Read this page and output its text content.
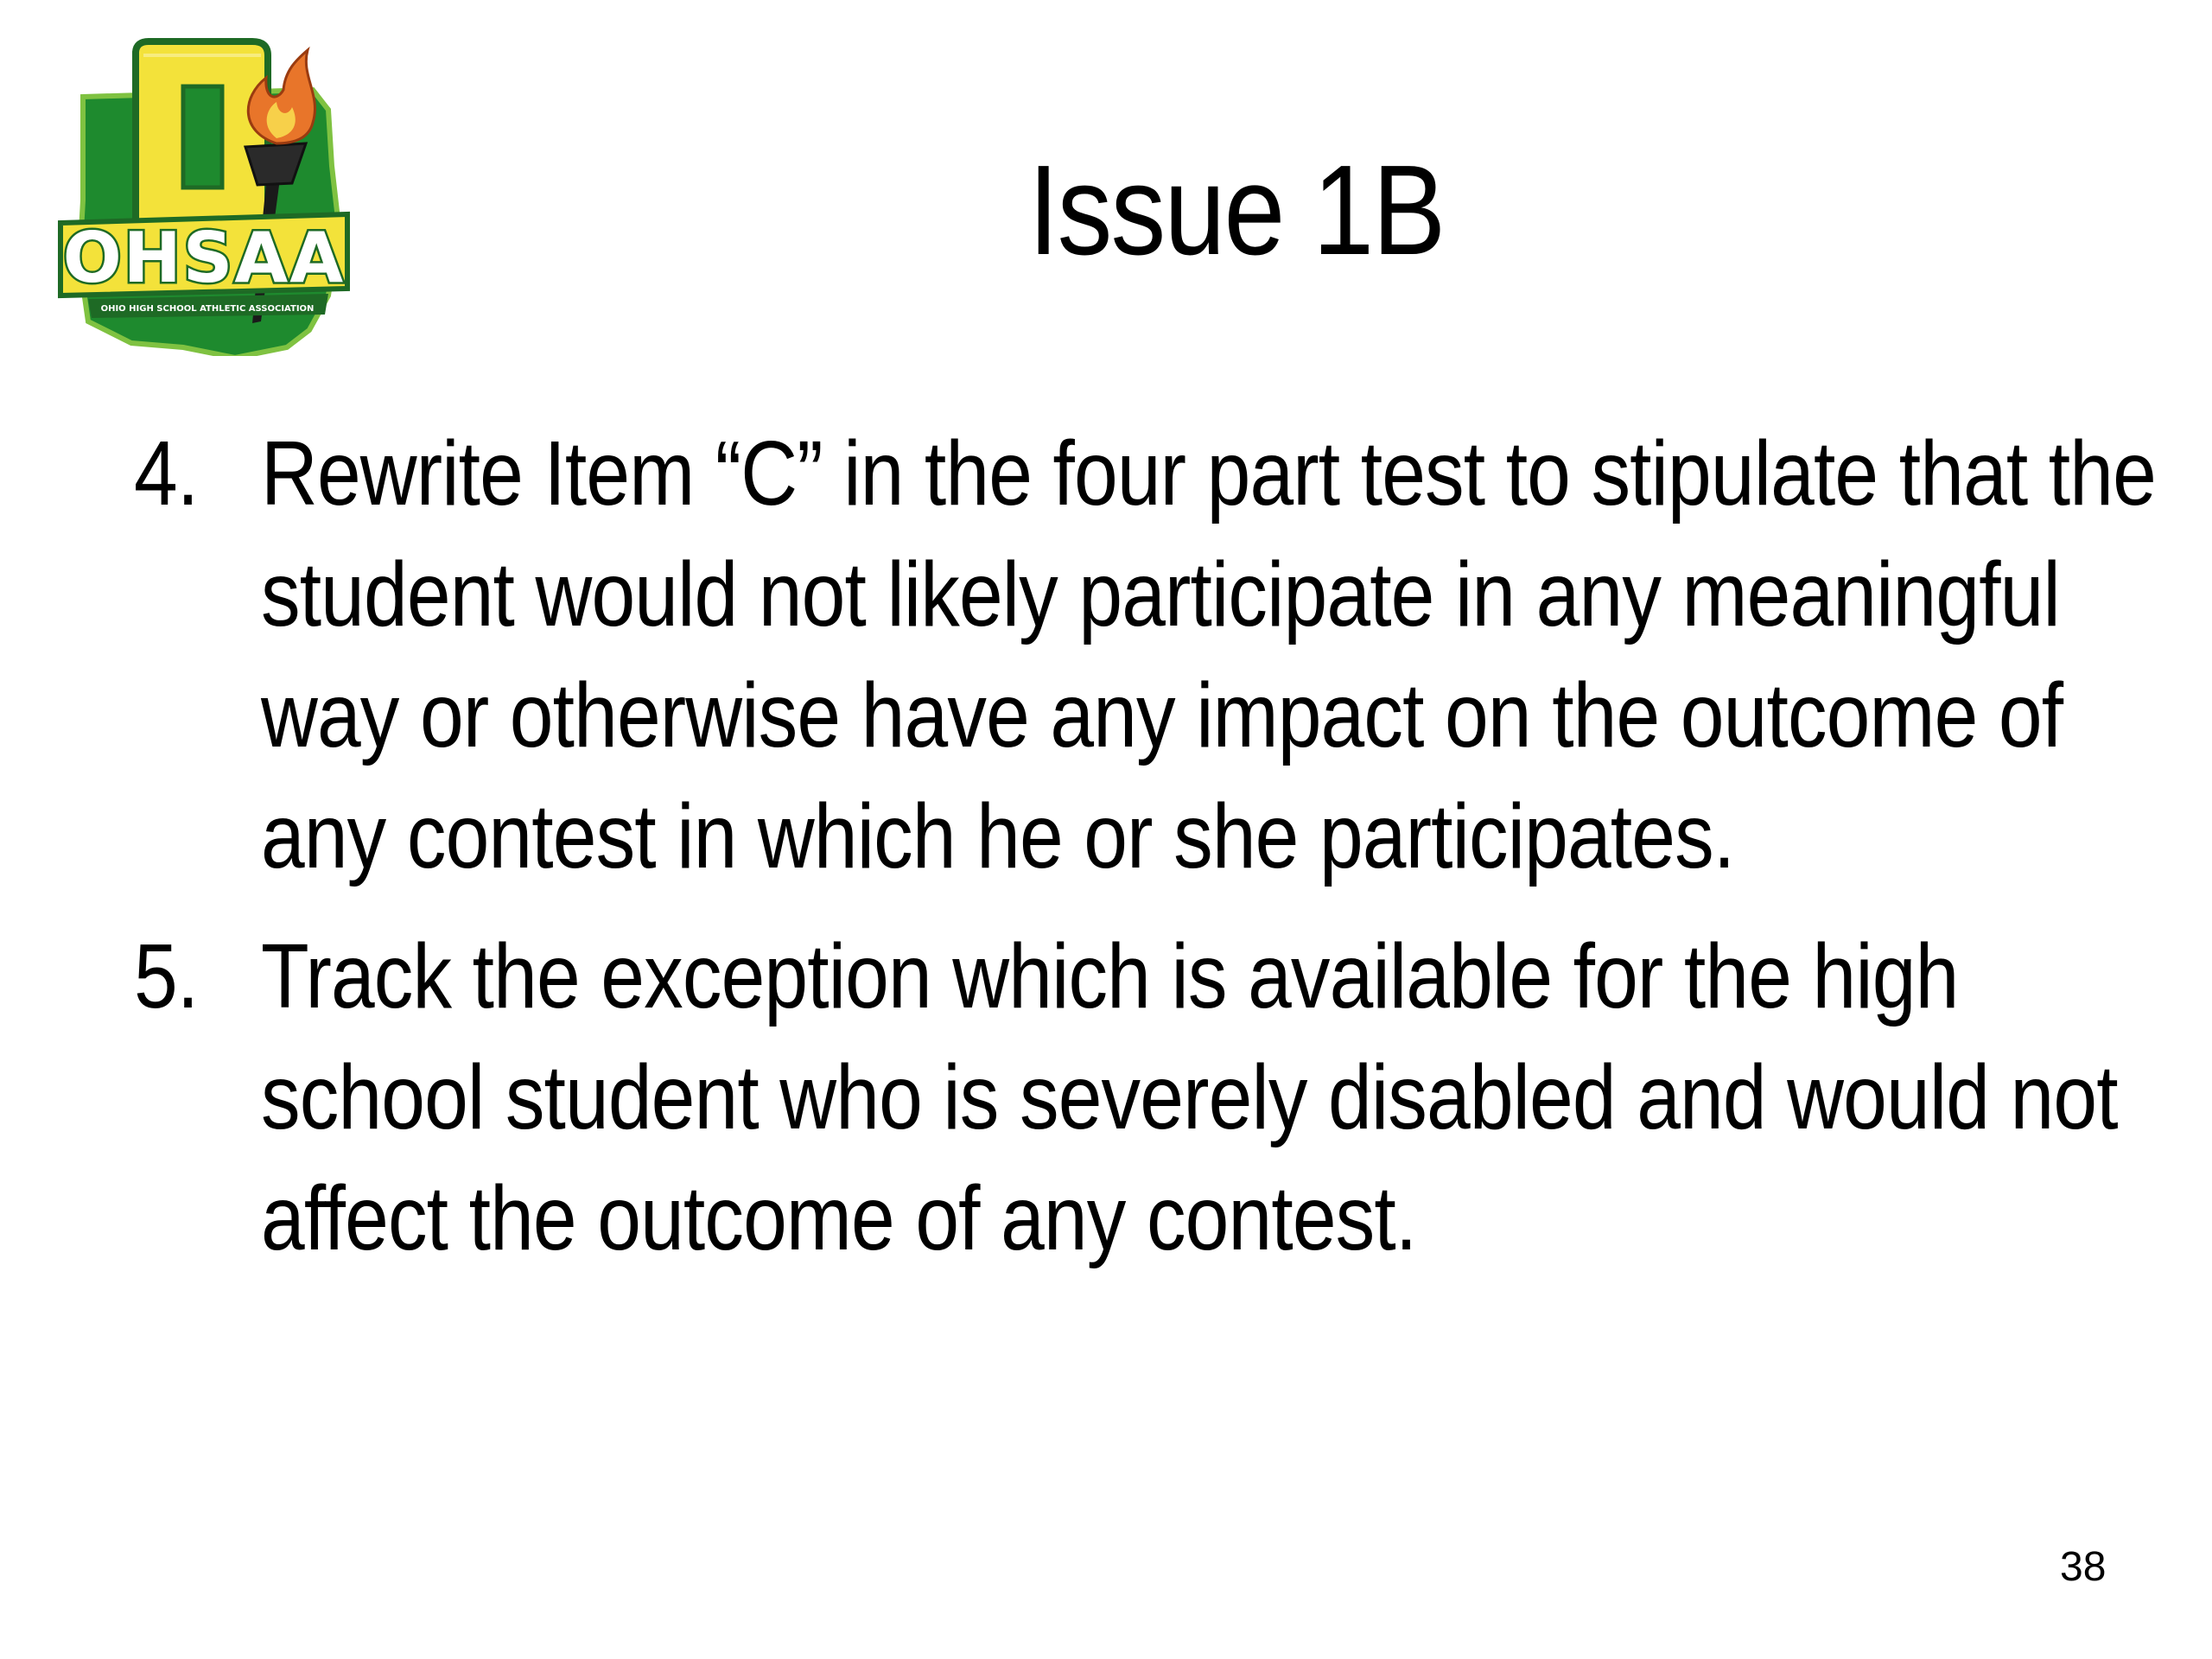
OHSAA
OHIO HIGH SCHOOL ATHLETIC ASSOCIATION
Issue 1B
4. Rewrite Item “C” in the four part test to stipulate that the student would not likely participate in any meaningful way or otherwise have any impact on the outcome of any contest in which he or she participates.
5. Track the exception which is available for the high school student who is severely disabled and would not affect the outcome of any contest.
38
